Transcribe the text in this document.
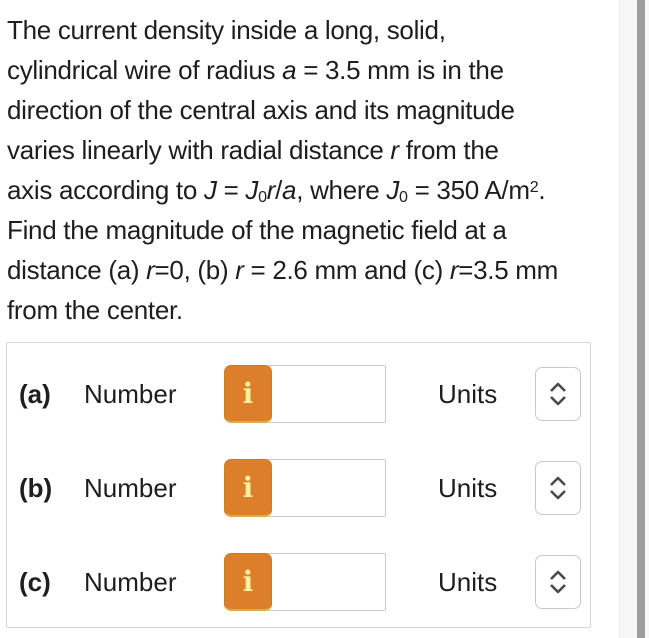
The current density inside a long, solid,
cylindrical wire of radius a = 3.5 mm is in the
direction of the central axis and its magnitude
varies linearly with radial distance r from the
axis according to $J = J_0r/a$, where $J_0 = 350$ $A/m^2$.
Find the magnitude of the magnetic field at a
distance (a) r=0, (b) r = 2.6 mm and (c) r=3.5 mm
from the center.
(a)	Number i	Units
(b)	Number i	Units
(c)	Number i	Units
